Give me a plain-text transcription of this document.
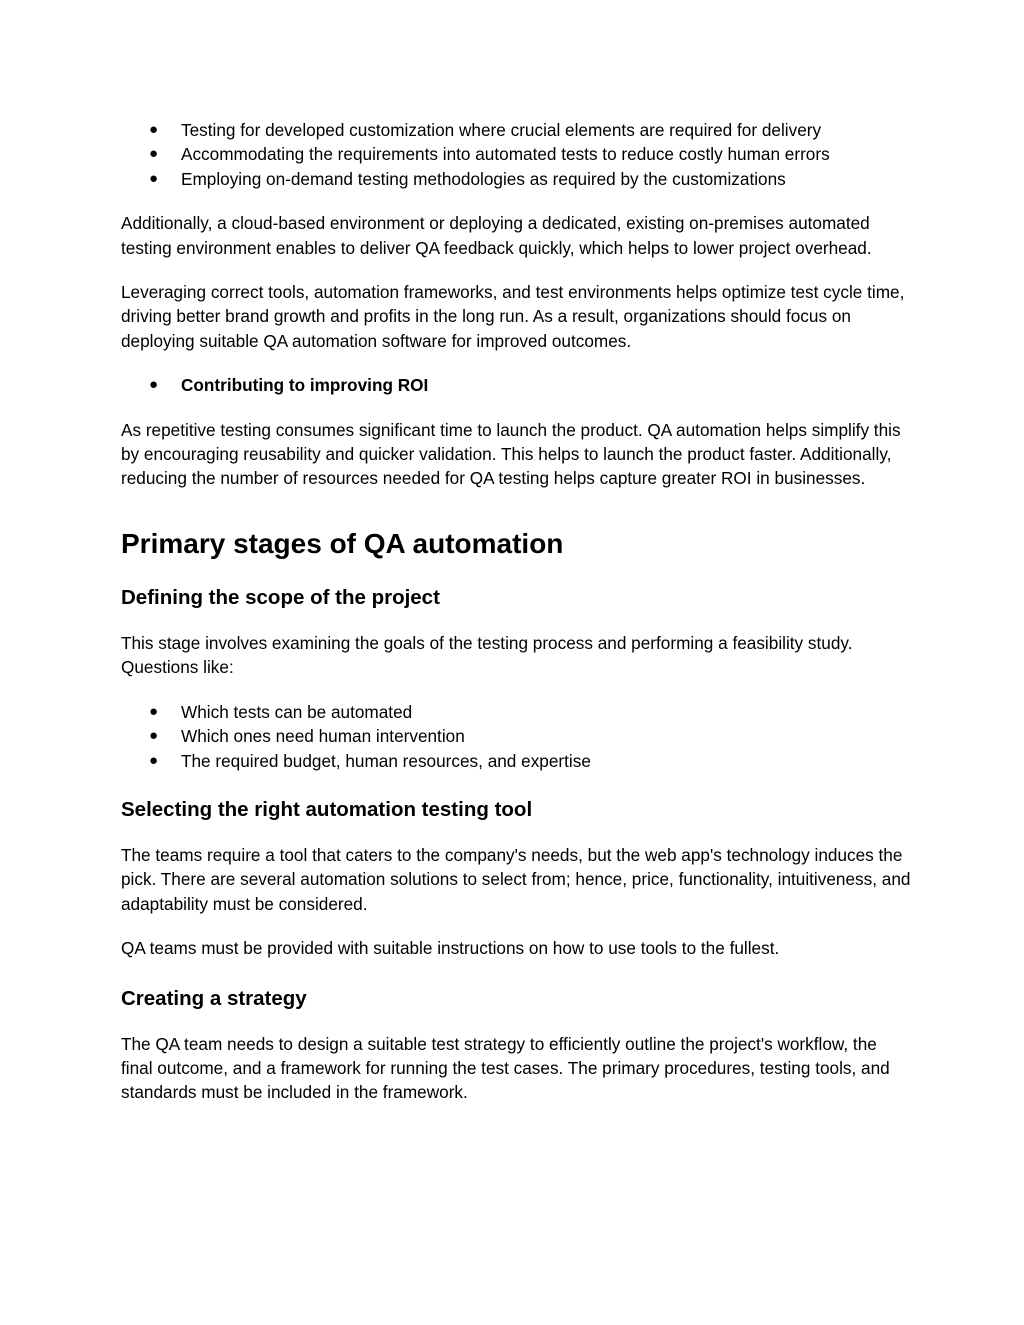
● Testing for developed customization where crucial elements are required for delivery
● Accommodating the requirements into automated tests to reduce costly human errors
● Employing on-demand testing methodologies as required by the customizations

Additionally, a cloud-based environment or deploying a dedicated, existing on-premises automated testing environment enables to deliver QA feedback quickly, which helps to lower project overhead.

Leveraging correct tools, automation frameworks, and test environments helps optimize test cycle time, driving better brand growth and profits in the long run. As a result, organizations should focus on deploying suitable QA automation software for improved outcomes.

● Contributing to improving ROI

As repetitive testing consumes significant time to launch the product. QA automation helps simplify this by encouraging reusability and quicker validation. This helps to launch the product faster. Additionally, reducing the number of resources needed for QA testing helps capture greater ROI in businesses.

Primary stages of QA automation
Defining the scope of the project

This stage involves examining the goals of the testing process and performing a feasibility study. Questions like:

● Which tests can be automated
● Which ones need human intervention
● The required budget, human resources, and expertise
Selecting the right automation testing tool

The teams require a tool that caters to the company's needs, but the web app's technology induces the pick. There are several automation solutions to select from; hence, price, functionality, intuitiveness, and adaptability must be considered.

QA teams must be provided with suitable instructions on how to use tools to the fullest.

Creating a strategy

The QA team needs to design a suitable test strategy to efficiently outline the project's workflow, the final outcome, and a framework for running the test cases. The primary procedures, testing tools, and standards must be included in the framework.
